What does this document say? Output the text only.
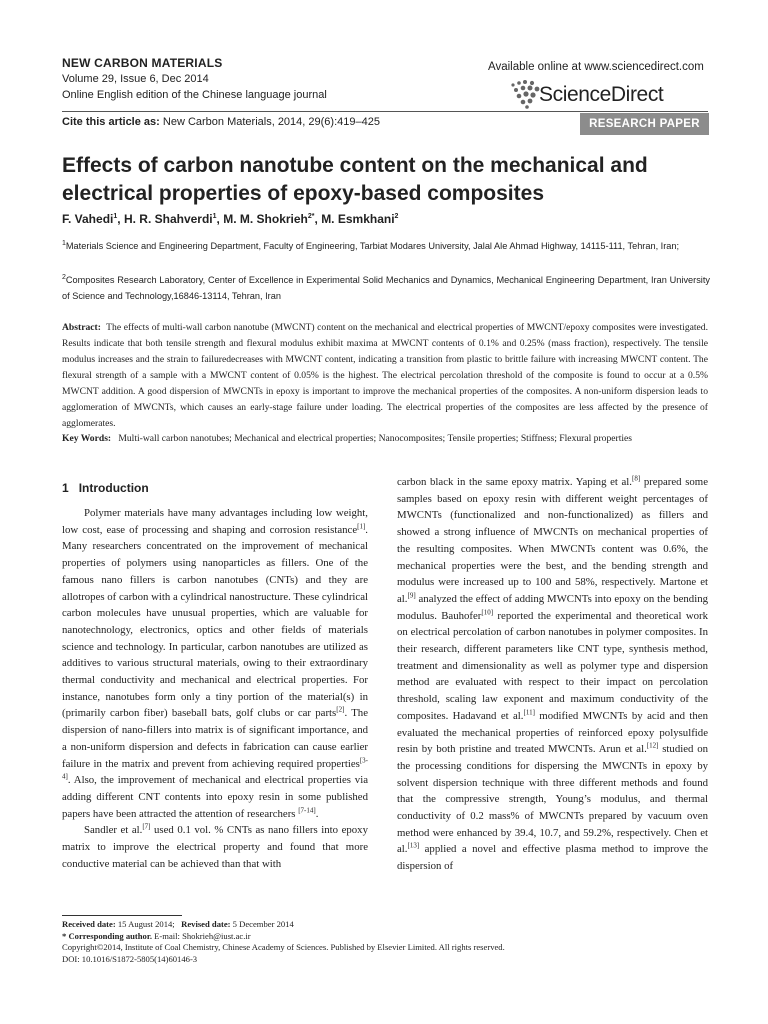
NEW CARBON MATERIALS
Volume 29, Issue 6, Dec 2014
Online English edition of the Chinese language journal
Available online at www.sciencedirect.com
ScienceDirect
Cite this article as: New Carbon Materials, 2014, 29(6):419–425	RESEARCH PAPER
Effects of carbon nanotube content on the mechanical and electrical properties of epoxy-based composites
F. Vahedi$^1$, H. R. Shahverdi$^1$, M. M. Shokrieh$^{2*}$, M. Esmkhani$^2$
$^1$Materials Science and Engineering Department, Faculty of Engineering, Tarbiat Modares University, Jalal Ale Ahmad Highway, 14115-111, Tehran, Iran;
$^2$Composites Research Laboratory, Center of Excellence in Experimental Solid Mechanics and Dynamics, Mechanical Engineering Department, Iran University of Science and Technology,16846-13114, Tehran, Iran
Abstract: The effects of multi-wall carbon nanotube (MWCNT) content on the mechanical and electrical properties of MWCNT/epoxy composites were investigated. Results indicate that both tensile strength and flexural modulus exhibit maxima at MWCNT contents of 0.1% and 0.25% (mass fraction), respectively. The tensile modulus increases and the strain to failuredecreases with MWCNT content, indicating a transition from plastic to brittle failure with increasing MWCNT content. The flexural strength of a sample with a MWCNT content of 0.05% is the highest. The electrical percolation threshold of the composite is found to occur at a 0.5% MWCNT addition. A good dispersion of MWCNTs in epoxy is important to improve the mechanical properties of the composites. A non-uniform dispersion leads to agglomeration of MWCNTs, which causes an early-stage failure under loading. The electrical properties of the composites are less affected by the presence of agglomerates.
Key Words: Multi-wall carbon nanotubes; Mechanical and electrical properties; Nanocomposites; Tensile properties; Stiffness; Flexural properties
1 Introduction

Polymer materials have many advantages including low weight, low cost, ease of processing and shaping and corrosion resistance[1]. Many researchers concentrated on the improvement of mechanical properties of polymers using nanoparticles as fillers. One of the famous nano fillers is carbon nanotubes (CNTs) and they are allotropes of carbon with a cylindrical nanostructure. These cylindrical carbon molecules have unusual properties, which are valuable for nanotechnology, electronics, optics and other fields of materials science and technology. In particular, carbon nanotubes are utilized as additives to various structural materials, owing to their extraordinary thermal conductivity and mechanical and electrical properties. For instance, nanotubes form only a tiny portion of the material(s) in (primarily carbon fiber) baseball bats, golf clubs or car parts[2]. The dispersion of nano-fillers into matrix is of significant importance, and a non-uniform dispersion and defects in fabrication can cause earlier failure in the matrix and prevent from achieving required properties[3-4]. Also, the improvement of mechanical and electrical properties via adding different CNT contents into epoxy resin in some published papers have been attracted the attention of researchers [7-14].

Sandler et al.[7] used 0.1 vol. % CNTs as nano fillers into epoxy matrix to improve the electrical property and found that more conductive material can be achieved than that with

carbon black in the same epoxy matrix. Yaping et al.[8] prepared some samples based on epoxy resin with different weight percentages of MWCNTs (functionalized and non-functionalized) as fillers and showed a strong influence of MWCNTs on mechanical properties of the resulting composites. When MWCNTs content was 0.6%, the mechanical properties were the best, and the bending strength and modulus were increased up to 100 and 58%, respectively. Martone et al.[9] analyzed the effect of adding MWCNTs into epoxy on the bending modulus. Bauhofer[10] reported the experimental and theoretical work on electrical percolation of carbon nanotubes in polymer composites. In their research, different parameters like CNT type, synthesis method, treatment and dimensionality as well as polymer type and dispersion method are evaluated with respect to their impact on percolation threshold, scaling law exponent and maximum conductivity of the composites. Hadavand et al.[11] modified MWCNTs by acid and then evaluated the mechanical properties of reinforced epoxy polysulfide resin by both pristine and treated MWCNTs. Arun et al.[12] studied on the processing conditions for dispersing the MWCNTs in epoxy by solvent dispersion technique with three different methods and found that the compressive strength, Young’s modulus, and thermal conductivity of 0.2 mass% of MWCNTs prepared by vacuum oven method were enhanced by 39.4, 10.7, and 59.2%, respectively. Chen et al.[13] applied a novel and effective plasma method to improve the dispersion of

Received date: 15 August 2014; Revised date: 5 December 2014
* Corresponding author. E-mail: Shokrieh@iust.ac.ir
Copyright©2014, Institute of Coal Chemistry, Chinese Academy of Sciences. Published by Elsevier Limited. All rights reserved.
DOI: 10.1016/S1872-5805(14)60146-3
